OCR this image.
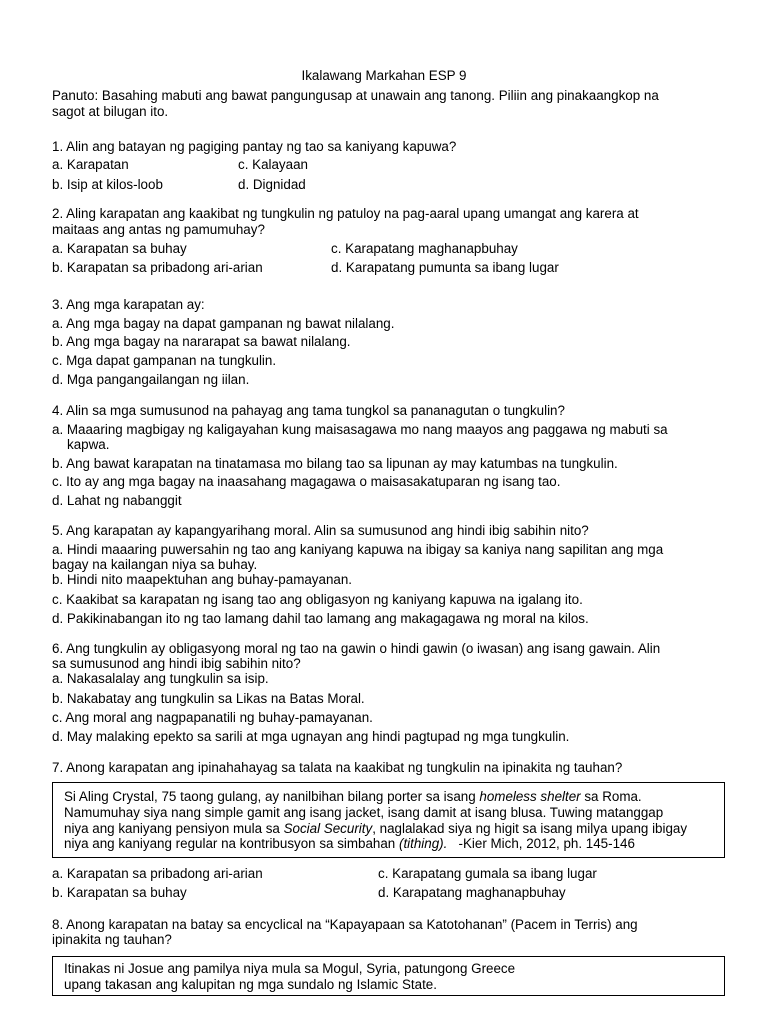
Ikalawang Markahan ESP 9
Panuto: Basahing mabuti ang bawat pangungusap at unawain ang tanong. Piliin ang pinakaangkop na
sagot at bilugan ito.
1. Alin ang batayan ng pagiging pantay ng tao sa kaniyang kapuwa?
a. Karapatan	c. Kalayaan
b. Isip at kilos-loob	d. Dignidad
2. Aling karapatan ang kaakibat ng tungkulin ng patuloy na pag-aaral upang umangat ang karera at
maitaas ang antas ng pamumuhay?
a. Karapatan sa buhay	c. Karapatang maghanapbuhay
b. Karapatan sa pribadong ari-arian	d. Karapatang pumunta sa ibang lugar
3. Ang mga karapatan ay:
a. Ang mga bagay na dapat gampanan ng bawat nilalang.
b. Ang mga bagay na nararapat sa bawat nilalang.
c. Mga dapat gampanan na tungkulin.
d. Mga pangangailangan ng iilan.
4. Alin sa mga sumusunod na pahayag ang tama tungkol sa pananagutan o tungkulin?
a. Maaaring magbigay ng kaligayahan kung maisasagawa mo nang maayos ang paggawa ng mabuti sa
kapwa.
b. Ang bawat karapatan na tinatamasa mo bilang tao sa lipunan ay may katumbas na tungkulin.
c. Ito ay ang mga bagay na inaasahang magagawa o maisasakatuparan ng isang tao.
d. Lahat ng nabanggit
5. Ang karapatan ay kapangyarihang moral. Alin sa sumusunod ang hindi ibig sabihin nito?
a. Hindi maaaring puwersahin ng tao ang kaniyang kapuwa na ibigay sa kaniya nang sapilitan ang mga
bagay na kailangan niya sa buhay.
b. Hindi nito maapektuhan ang buhay-pamayanan.
c. Kaakibat sa karapatan ng isang tao ang obligasyon ng kaniyang kapuwa na igalang ito.
d. Pakikinabangan ito ng tao lamang dahil tao lamang ang makagagawa ng moral na kilos.
6. Ang tungkulin ay obligasyong moral ng tao na gawin o hindi gawin (o iwasan) ang isang gawain. Alin
sa sumusunod ang hindi ibig sabihin nito?
a. Nakasalalay ang tungkulin sa isip.
b. Nakabatay ang tungkulin sa Likas na Batas Moral.
c. Ang moral ang nagpapanatili ng buhay-pamayanan.
d. May malaking epekto sa sarili at mga ugnayan ang hindi pagtupad ng mga tungkulin.
7. Anong karapatan ang ipinahahayag sa talata na kaakibat ng tungkulin na ipinakita ng tauhan?
Si Aling Crystal, 75 taong gulang, ay nanilbihan bilang porter sa isang homeless shelter sa Roma.
Namumuhay siya nang simple gamit ang isang jacket, isang damit at isang blusa. Tuwing matanggap
niya ang kaniyang pensiyon mula sa Social Security, naglalakad siya ng higit sa isang milya upang ibigay
niya ang kaniyang regular na kontribusyon sa simbahan (tithing).   -Kier Mich, 2012, ph. 145-146
a. Karapatan sa pribadong ari-arian	c. Karapatang gumala sa ibang lugar
b. Karapatan sa buhay	d. Karapatang maghanapbuhay
8. Anong karapatan na batay sa encyclical na “Kapayapaan sa Katotohanan” (Pacem in Terris) ang
ipinakita ng tauhan?
Itinakas ni Josue ang pamilya niya mula sa Mogul, Syria, patungong Greece
upang takasan ang kalupitan ng mga sundalo ng Islamic State.
